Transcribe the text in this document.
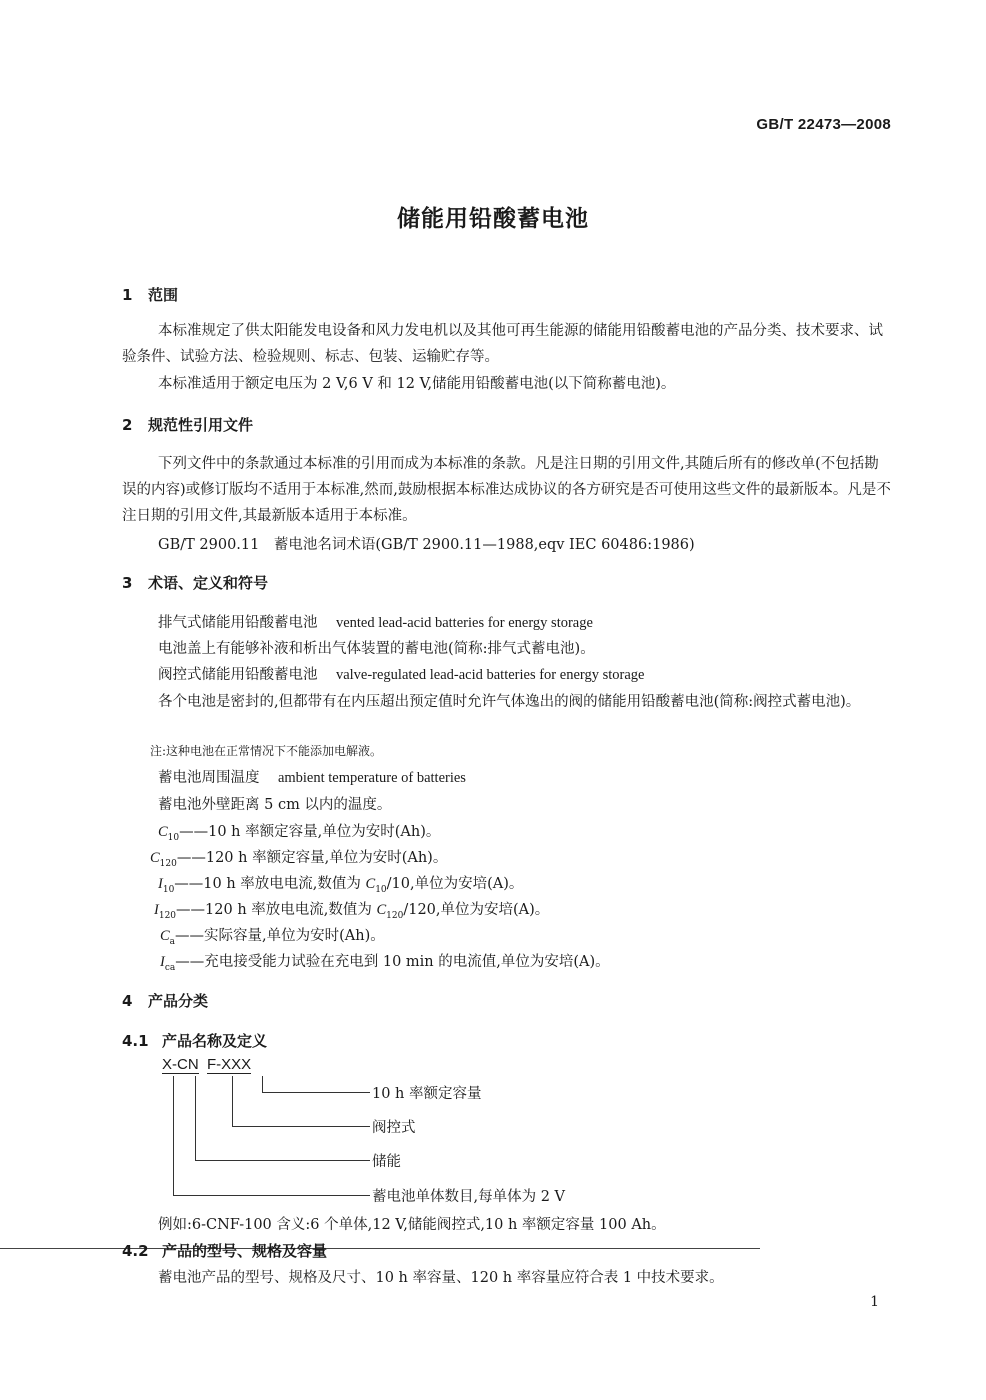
GB/T 22473—2008
储能用铅酸蓄电池
1 范围
本标准规定了供太阳能发电设备和风力发电机以及其他可再生能源的储能用铅酸蓄电池的产品分类、技术要求、试验条件、试验方法、检验规则、标志、包装、运输贮存等。
本标准适用于额定电压为 2 V,6 V 和 12 V,储能用铅酸蓄电池(以下简称蓄电池)。
2 规范性引用文件
下列文件中的条款通过本标准的引用而成为本标准的条款。凡是注日期的引用文件,其随后所有的修改单(不包括勘误的内容)或修订版均不适用于本标准,然而,鼓励根据本标准达成协议的各方研究是否可使用这些文件的最新版本。凡是不注日期的引用文件,其最新版本适用于本标准。
GB/T 2900.11　蓄电池名词术语(GB/T 2900.11—1988,eqv IEC 60486:1986)
3 术语、定义和符号
排气式储能用铅酸蓄电池 vented lead-acid batteries for energy storage
电池盖上有能够补液和析出气体装置的蓄电池(简称:排气式蓄电池)。
阀控式储能用铅酸蓄电池 valve-regulated lead-acid batteries for energy storage
各个电池是密封的,但都带有在内压超出预定值时允许气体逸出的阀的储能用铅酸蓄电池(简称:阀控式蓄电池)。
注:这种电池在正常情况下不能添加电解液。
蓄电池周围温度 ambient temperature of batteries
蓄电池外壁距离 5 cm 以内的温度。
$C_{10}——10$ h 率额定容量,单位为安时(Ah)。
$C_{120}——120$ h 率额定容量,单位为安时(Ah)。
$I_{10}——10$ h 率放电电流,数值为 $C_{10}/10$,单位为安培(A)。
$I_{120}——120$ h 率放电电流,数值为 $C_{120}/120$,单位为安培(A)。
$C_a——$实际容量,单位为安时(Ah)。
$I_{ca}——$充电接受能力试验在充电到 10 min 的电流值,单位为安培(A)。
4 产品分类
4.1 产品名称及定义
X-CN F-XXX
10 h 率额定容量
阀控式
储能
蓄电池单体数目,每单体为 2 V
例如:6-CNF-100 含义:6 个单体,12 V,储能阀控式,10 h 率额定容量 100 Ah。
4.2 产品的型号、规格及容量
蓄电池产品的型号、规格及尺寸、10 h 率容量、120 h 率容量应符合表 1 中技术要求。
1
